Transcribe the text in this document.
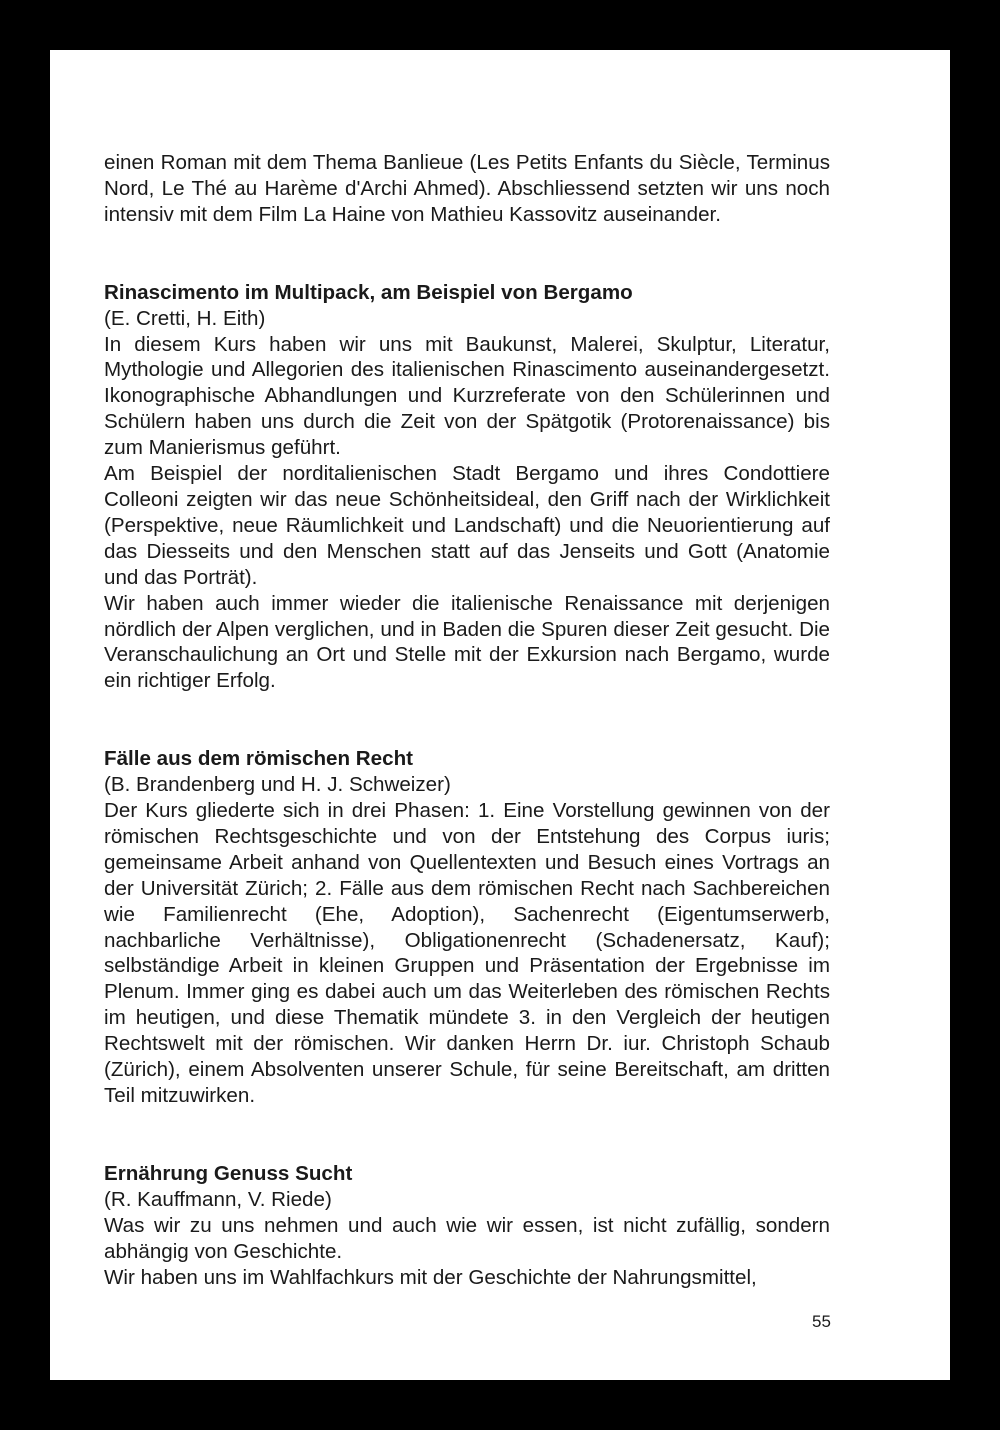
einen Roman mit dem Thema Banlieue (Les Petits Enfants du Siècle, Terminus Nord, Le Thé au Harème d'Archi Ahmed). Abschliessend setzten wir uns noch intensiv mit dem Film La Haine von Mathieu Kassovitz auseinander.

Rinascimento im Multipack, am Beispiel von Bergamo

(E. Cretti, H. Eith)

In diesem Kurs haben wir uns mit Baukunst, Malerei, Skulptur, Literatur, Mythologie und Allegorien des italienischen Rinascimento auseinandergesetzt. Ikonographische Abhandlungen und Kurzreferate von den Schülerinnen und Schülern haben uns durch die Zeit von der Spätgotik (Protorenaissance) bis zum Manierismus geführt.

Am Beispiel der norditalienischen Stadt Bergamo und ihres Condottiere Colleoni zeigten wir das neue Schönheitsideal, den Griff nach der Wirklichkeit (Perspektive, neue Räumlichkeit und Landschaft) und die Neuorientierung auf das Diesseits und den Menschen statt auf das Jenseits und Gott (Anatomie und das Porträt).

Wir haben auch immer wieder die italienische Renaissance mit derjenigen nördlich der Alpen verglichen, und in Baden die Spuren dieser Zeit gesucht. Die Veranschaulichung an Ort und Stelle mit der Exkursion nach Bergamo, wurde ein richtiger Erfolg.

Fälle aus dem römischen Recht

(B. Brandenberg und H. J. Schweizer)

Der Kurs gliederte sich in drei Phasen: 1. Eine Vorstellung gewinnen von der römischen Rechtsgeschichte und von der Entstehung des Corpus iuris; gemeinsame Arbeit anhand von Quellentexten und Besuch eines Vortrags an der Universität Zürich; 2. Fälle aus dem römischen Recht nach Sachbereichen wie Familienrecht (Ehe, Adoption), Sachenrecht (Eigentumserwerb, nachbarliche Verhältnisse), Obligationenrecht (Schadenersatz, Kauf); selbständige Arbeit in kleinen Gruppen und Präsentation der Ergebnisse im Plenum. Immer ging es dabei auch um das Weiterleben des römischen Rechts im heutigen, und diese Thematik mündete 3. in den Vergleich der heutigen Rechtswelt mit der römischen. Wir danken Herrn Dr. iur. Christoph Schaub (Zürich), einem Absolventen unserer Schule, für seine Bereitschaft, am dritten Teil mitzuwirken.

Ernährung Genuss Sucht

(R. Kauffmann, V. Riede)

Was wir zu uns nehmen und auch wie wir essen, ist nicht zufällig, sondern abhängig von Geschichte.

Wir haben uns im Wahlfachkurs mit der Geschichte der Nahrungsmittel,

55
